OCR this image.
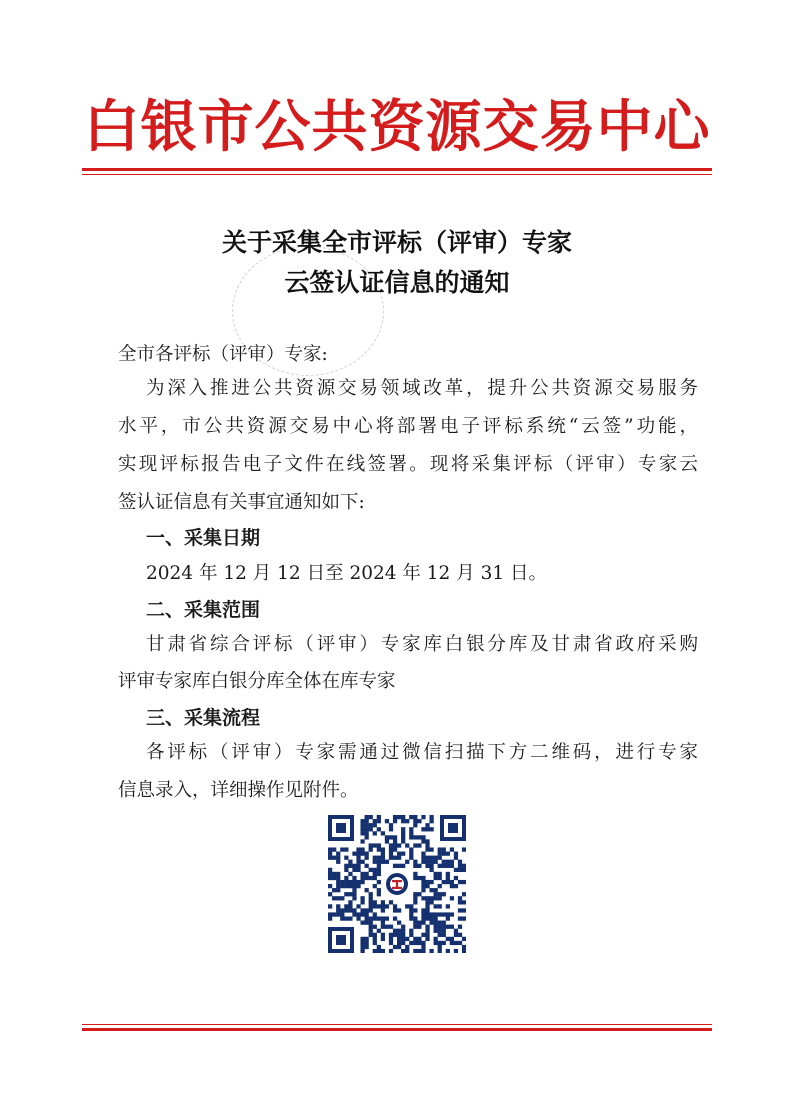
白银市公共资源交易中心
关于采集全市评标（评审）专家
云签认证信息的通知
全市各评标（评审）专家:
为深入推进公共资源交易领域改革，提升公共资源交易服务
水平，市公共资源交易中心将部署电子评标系统“云签”功能，
实现评标报告电子文件在线签署。现将采集评标（评审）专家云
签认证信息有关事宜通知如下:
一、采集日期
2024 年 12 月 12 日至 2024 年 12 月 31 日。
二、采集范围
甘肃省综合评标（评审）专家库白银分库及甘肃省政府采购
评审专家库白银分库全体在库专家
三、采集流程
各评标（评审）专家需通过微信扫描下方二维码，进行专家
信息录入，详细操作见附件。
